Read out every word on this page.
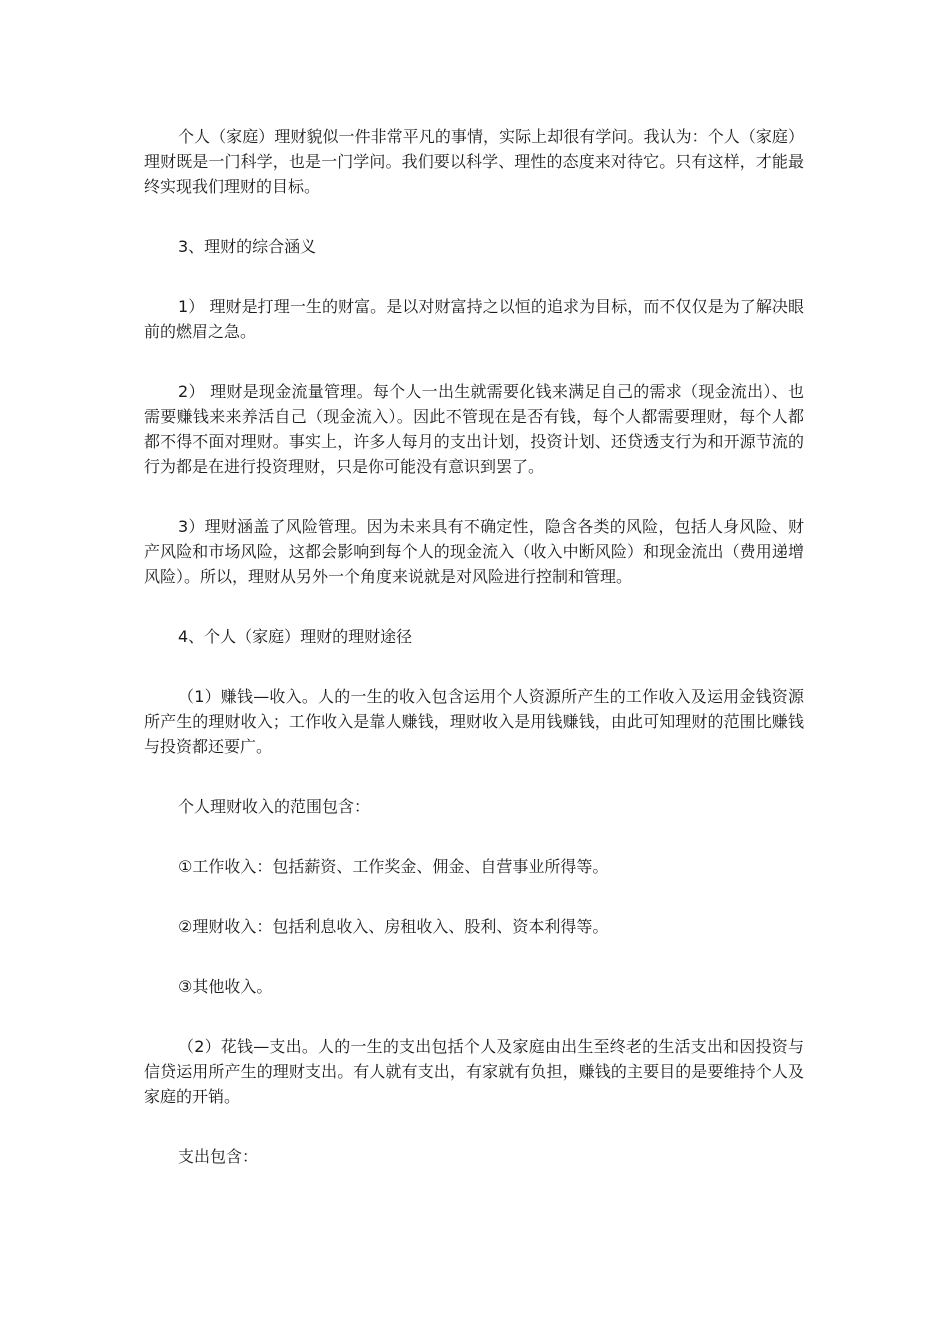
个人（家庭）理财貌似一件非常平凡的事情，实际上却很有学问。我认为：个人（家庭）理财既是一门科学，也是一门学问。我们要以科学、理性的态度来对待它。只有这样，才能最终实现我们理财的目标。

3、理财的综合涵义

1） 理财是打理一生的财富。是以对财富持之以恒的追求为目标，而不仅仅是为了解决眼前的燃眉之急。

2） 理财是现金流量管理。每个人一出生就需要化钱来满足自己的需求（现金流出）、也需要赚钱来来养活自己（现金流入）。因此不管现在是否有钱，每个人都需要理财，每个人都都不得不面对理财。事实上，许多人每月的支出计划，投资计划、还贷透支行为和开源节流的行为都是在进行投资理财，只是你可能没有意识到罢了。

3）理财涵盖了风险管理。因为未来具有不确定性，隐含各类的风险，包括人身风险、财产风险和市场风险，这都会影响到每个人的现金流入（收入中断风险）和现金流出（费用递增风险）。所以，理财从另外一个角度来说就是对风险进行控制和管理。

4、个人（家庭）理财的理财途径

（1）赚钱—收入。人的一生的收入包含运用个人资源所产生的工作收入及运用金钱资源所产生的理财收入；工作收入是靠人赚钱，理财收入是用钱赚钱，由此可知理财的范围比赚钱与投资都还要广。

个人理财收入的范围包含：

①工作收入：包括薪资、工作奖金、佣金、自营事业所得等。

②理财收入：包括利息收入、房租收入、股利、资本利得等。

③其他收入。

（2）花钱—支出。人的一生的支出包括个人及家庭由出生至终老的生活支出和因投资与信贷运用所产生的理财支出。有人就有支出，有家就有负担，赚钱的主要目的是要维持个人及家庭的开销。

支出包含：
